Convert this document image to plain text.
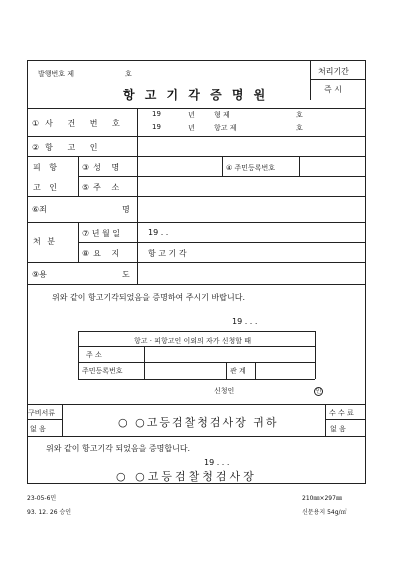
발행번호 제	호	처리기간
즉 시
항 고 기 각 증 명 원
①사 건 번 호
19	년	형 제	호
19	년	항고 제	호
②항 고 인
피 항
고 인
③성 명	④ 주민등록번호
⑤주 소
⑥죄	명
처 분
⑦ 년 월 일	19 . .
⑧요 지	항 고 기 각
⑨용	도
위와 같이 항고기각되었음을 증명하여 주시기 바랍니다.
19 . . .
항고 · 피항고인 이외의 자가 신청할 때
주 소
주민등록번호	관 계
신청인	인
구비서류
없 음	○ ○고등검찰청검사장 귀하
수 수 료
없 음
위와 같이 항고기각 되었음을 증명합니다.
19 . . .
○ ○고등검찰청검사장
23-05-6민
93. 12. 26 승인
210㎜×297㎜
신문용지 54g/㎡
